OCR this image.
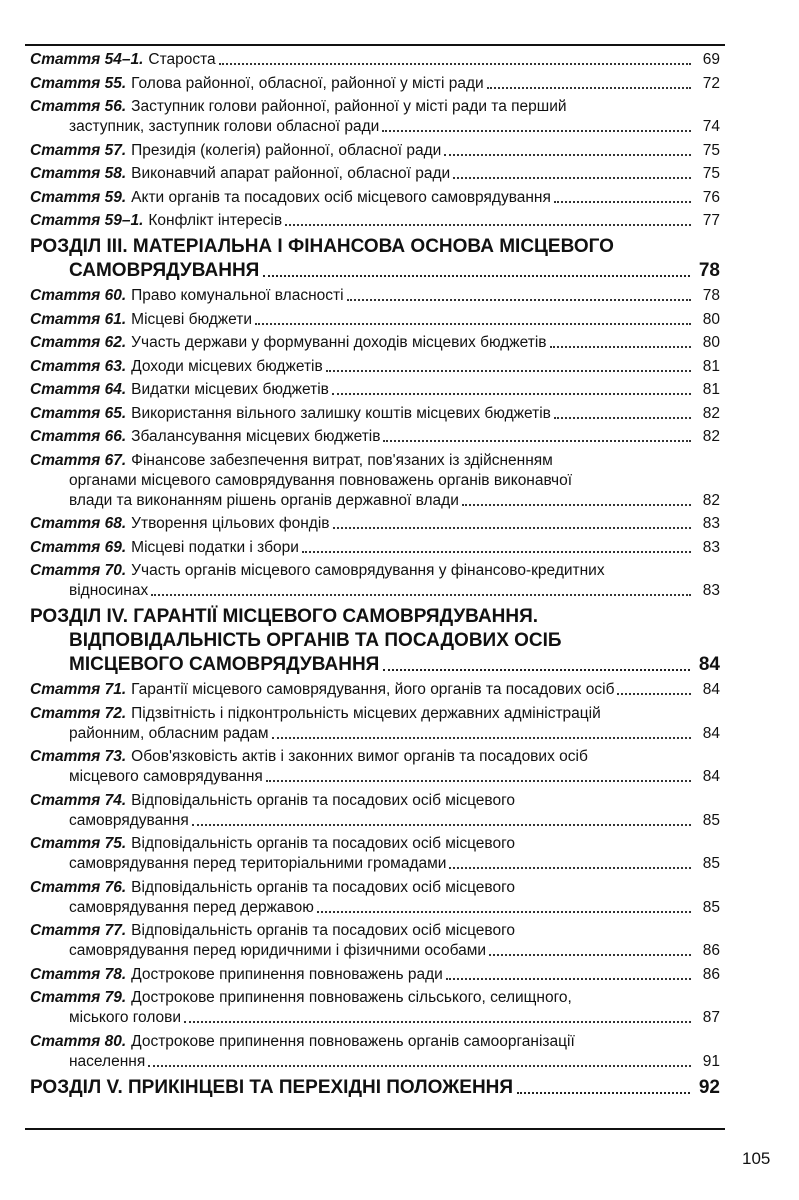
Стаття 54–1. Староста	69
Стаття 55. Голова районної, обласної, районної у місті ради	72
Стаття 56. Заступник голови районної, районної у місті ради та перший
заступник, заступник голови обласної ради	74
Стаття 57. Президія (колегія) районної, обласної ради	75
Стаття 58. Виконавчий апарат районної, обласної ради	75
Стаття 59. Акти органів та посадових осіб місцевого самоврядування	76
Стаття 59–1. Конфлікт інтересів	77
РОЗДІЛ ІІІ. МАТЕРІАЛЬНА І ФІНАНСОВА ОСНОВА МІСЦЕВОГО
САМОВРЯДУВАННЯ	78
Стаття 60. Право комунальної власності	78
Стаття 61. Місцеві бюджети	80
Стаття 62. Участь держави у формуванні доходів місцевих бюджетів	80
Стаття 63. Доходи місцевих бюджетів	81
Стаття 64. Видатки місцевих бюджетів	81
Стаття 65. Використання вільного залишку коштів місцевих бюджетів	82
Стаття 66. Збалансування місцевих бюджетів	82
Стаття 67. Фінансове забезпечення витрат, пов'язаних із здійсненням
органами місцевого самоврядування повноважень органів виконавчої
влади та виконанням рішень органів державної влади	82
Стаття 68. Утворення цільових фондів	83
Стаття 69. Місцеві податки і збори	83
Стаття 70. Участь органів місцевого самоврядування у фінансово-кредитних
відносинах	83
РОЗДІЛ IV. ГАРАНТІЇ МІСЦЕВОГО САМОВРЯДУВАННЯ.
ВІДПОВІДАЛЬНІСТЬ ОРГАНІВ ТА ПОСАДОВИХ ОСІБ
МІСЦЕВОГО САМОВРЯДУВАННЯ	84
Стаття 71. Гарантії місцевого самоврядування, його органів та посадових осіб	84
Стаття 72. Підзвітність і підконтрольність місцевих державних адміністрацій
районним, обласним радам	84
Стаття 73. Обов'язковість актів і законних вимог органів та посадових осіб
місцевого самоврядування	84
Стаття 74. Відповідальність органів та посадових осіб місцевого
самоврядування	85
Стаття 75. Відповідальність органів та посадових осіб місцевого
самоврядування перед територіальними громадами	85
Стаття 76. Відповідальність органів та посадових осіб місцевого
самоврядування перед державою	85
Стаття 77. Відповідальність органів та посадових осіб місцевого
самоврядування перед юридичними і фізичними особами	86
Стаття 78. Дострокове припинення повноважень ради	86
Стаття 79. Дострокове припинення повноважень сільського, селищного,
міського голови	87
Стаття 80. Дострокове припинення повноважень органів самоорганізації
населення	91
РОЗДІЛ V. ПРИКІНЦЕВІ ТА ПЕРЕХІДНІ ПОЛОЖЕННЯ	92
105
